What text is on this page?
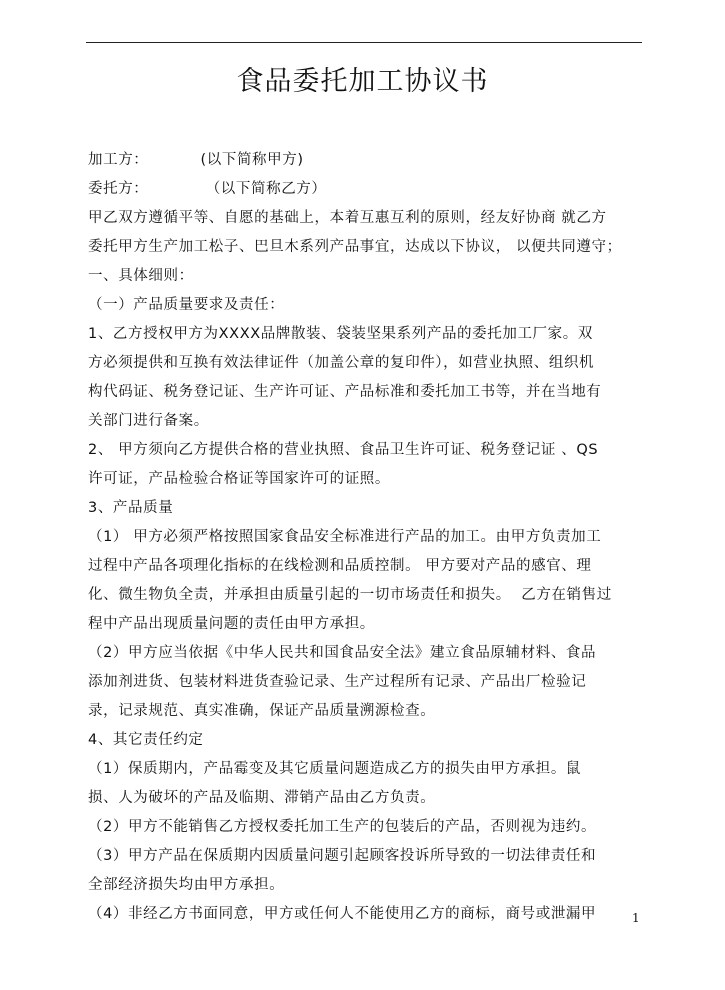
食品委托加工协议书
加工方：          (以下简称甲方)
委托方：           （以下简称乙方）
甲乙双方遵循平等、自愿的基础上，本着互惠互利的原则，经友好协商 就乙方
委托甲方生产加工松子、巴旦木系列产品事宜，达成以下协议， 以便共同遵守；
一、具体细则：
（一）产品质量要求及责任：
1、乙方授权甲方为XXXX品牌散装、袋装坚果系列产品的委托加工厂家。双
方必须提供和互换有效法律证件（加盖公章的复印件），如营业执照、组织机
构代码证、税务登记证、生产许可证、产品标准和委托加工书等，并在当地有
关部门进行备案。
2、 甲方须向乙方提供合格的营业执照、食品卫生许可证、税务登记证 、QS
许可证，产品检验合格证等国家许可的证照。
3、产品质量
（1） 甲方必须严格按照国家食品安全标准进行产品的加工。由甲方负责加工
过程中产品各项理化指标的在线检测和品质控制。 甲方要对产品的感官、理
化、微生物负全责，并承担由质量引起的一切市场责任和损失。  乙方在销售过
程中产品出现质量问题的责任由甲方承担。
（2）甲方应当依据《中华人民共和国食品安全法》建立食品原辅材料、食品
添加剂进货、包装材料进货查验记录、生产过程所有记录、产品出厂检验记
录，记录规范、真实准确，保证产品质量溯源检查。
4、其它责任约定
（1）保质期内，产品霉变及其它质量问题造成乙方的损失由甲方承担。鼠
损、人为破坏的产品及临期、滞销产品由乙方负责。
（2）甲方不能销售乙方授权委托加工生产的包装后的产品，否则视为违约。
（3）甲方产品在保质期内因质量问题引起顾客投诉所导致的一切法律责任和
全部经济损失均由甲方承担。
（4）非经乙方书面同意，甲方或任何人不能使用乙方的商标，商号或泄漏甲	1
